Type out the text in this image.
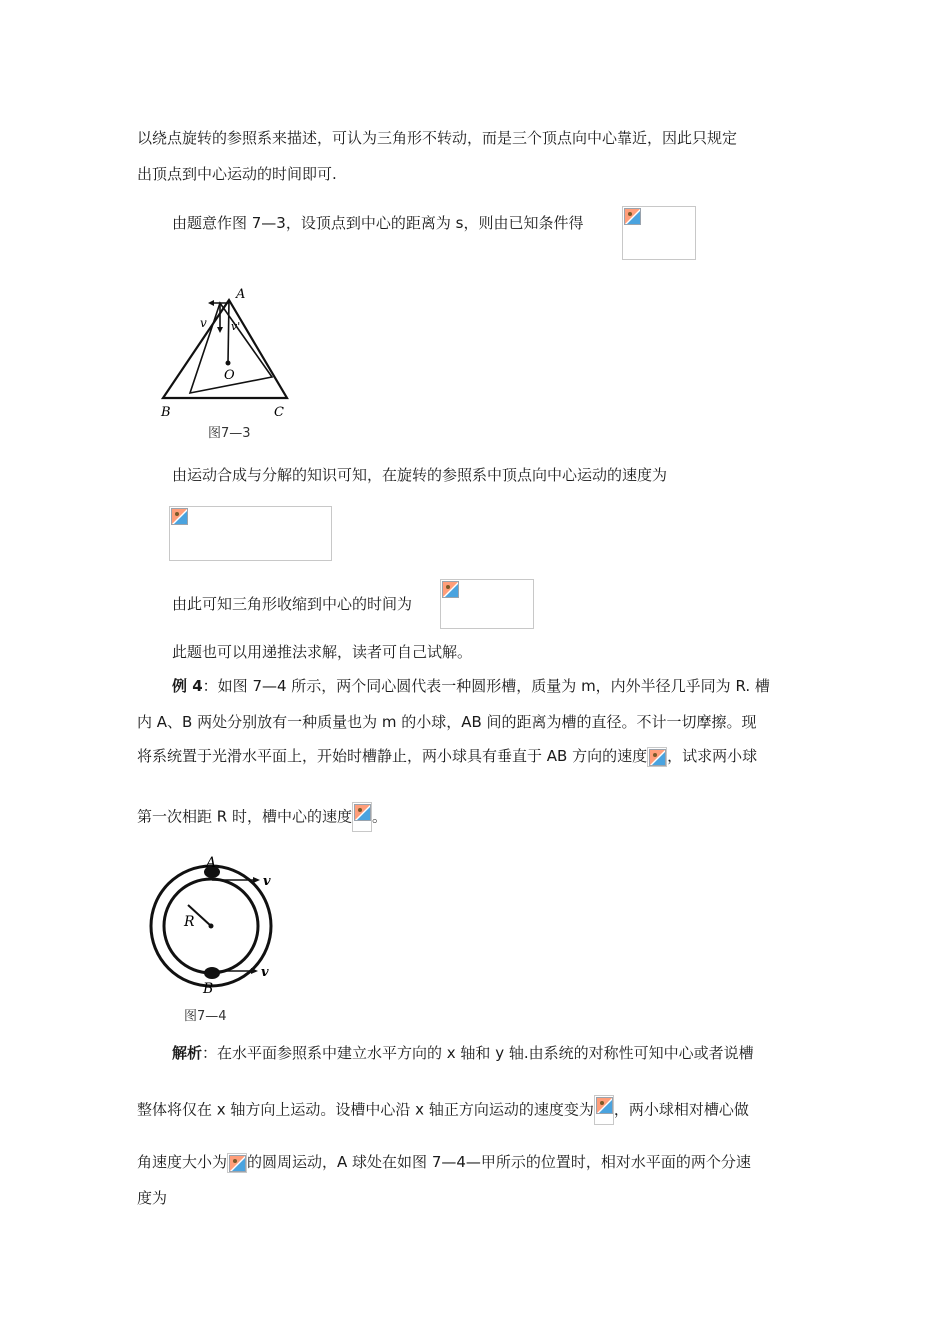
以绕点旋转的参照系来描述，可认为三角形不转动，而是三个顶点向中心靠近，因此只规定
出顶点到中心运动的时间即可.
由题意作图 7—3，设顶点到中心的距离为 s，则由已知条件得
A
B	C
O
v v'
图7—3
由运动合成与分解的知识可知，在旋转的参照系中顶点向中心运动的速度为
由此可知三角形收缩到中心的时间为
此题也可以用递推法求解，读者可自己试解。
例 4：如图 7—4 所示，两个同心圆代表一种圆形槽，质量为 m，内外半径几乎同为 R. 槽
内 A、B 两处分别放有一种质量也为 m 的小球，AB 间的距离为槽的直径。不计一切摩擦。现
将系统置于光滑水平面上，开始时槽静止，两小球具有垂直于 AB 方向的速度 ，试求两小球
第一次相距 R 时，槽中心的速度 。
A
B
R
v
v
图7—4
解析：在水平面参照系中建立水平方向的 x 轴和 y 轴.由系统的对称性可知中心或者说槽
整体将仅在 x 轴方向上运动。设槽中心沿 x 轴正方向运动的速度变为 ，两小球相对槽心做
角速度大小为 的圆周运动，A 球处在如图 7—4—甲所示的位置时，相对水平面的两个分速
度为
